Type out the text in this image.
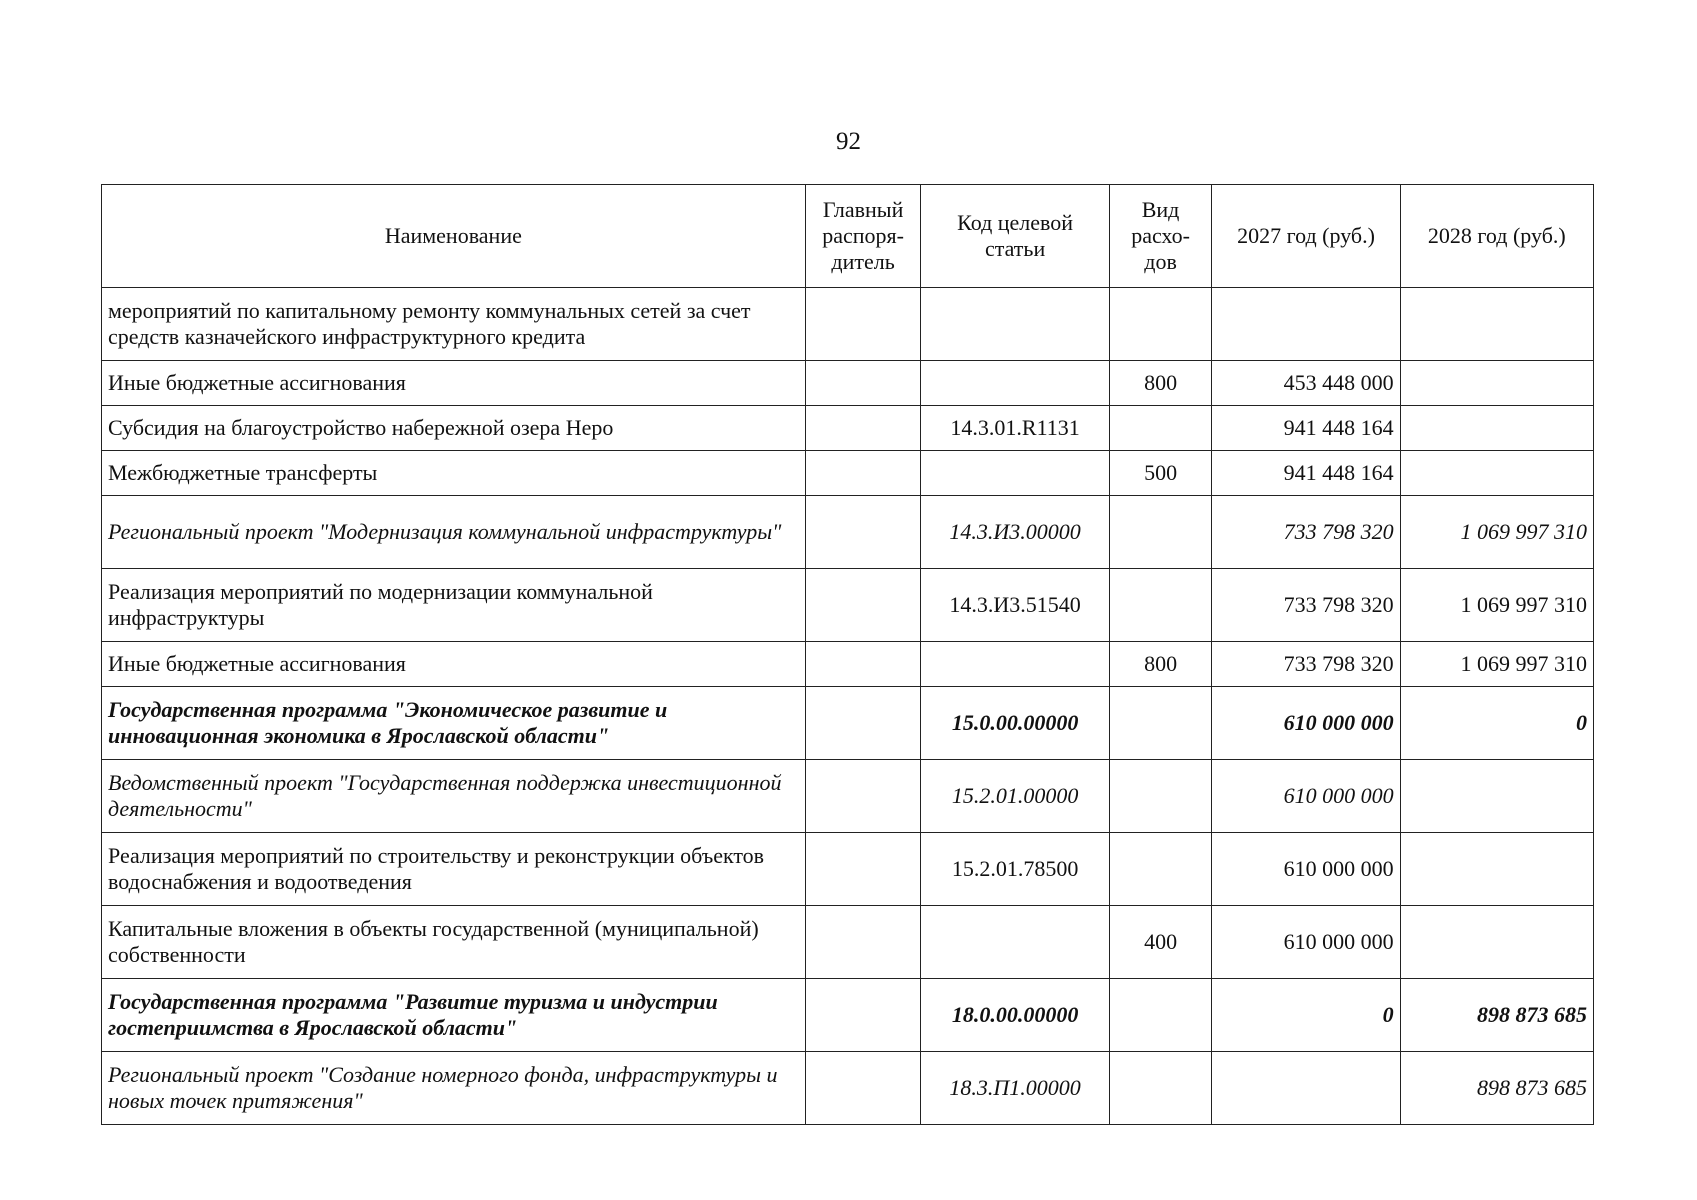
92
Наименование	Главный распоря-дитель	Код целевой статьи	Вид расхо-дов	2027 год (руб.)	2028 год (руб.)
мероприятий по капитальному ремонту коммунальных сетей за счет средств казначейского инфраструктурного кредита					
Иные бюджетные ассигнования			800	453 448 000	
Субсидия на благоустройство набережной озера Неро		14.3.01.R1131		941 448 164	
Межбюджетные трансферты			500	941 448 164	
Региональный проект "Модернизация коммунальной инфраструктуры"		14.3.И3.00000		733 798 320	1 069 997 310
Реализация мероприятий по модернизации коммунальной инфраструктуры		14.3.И3.51540		733 798 320	1 069 997 310
Иные бюджетные ассигнования			800	733 798 320	1 069 997 310
Государственная программа "Экономическое развитие и инновационная экономика в Ярославской области"		15.0.00.00000		610 000 000	0
Ведомственный проект "Государственная поддержка инвестиционной деятельности"		15.2.01.00000		610 000 000	
Реализация мероприятий по строительству и реконструкции объектов водоснабжения и водоотведения		15.2.01.78500		610 000 000	
Капитальные вложения в объекты государственной (муниципальной) собственности			400	610 000 000	
Государственная программа "Развитие туризма и индустрии гостеприимства в Ярославской области"		18.0.00.00000		0	898 873 685
Региональный проект "Создание номерного фонда, инфраструктуры и новых точек притяжения"		18.3.П1.00000			898 873 685
